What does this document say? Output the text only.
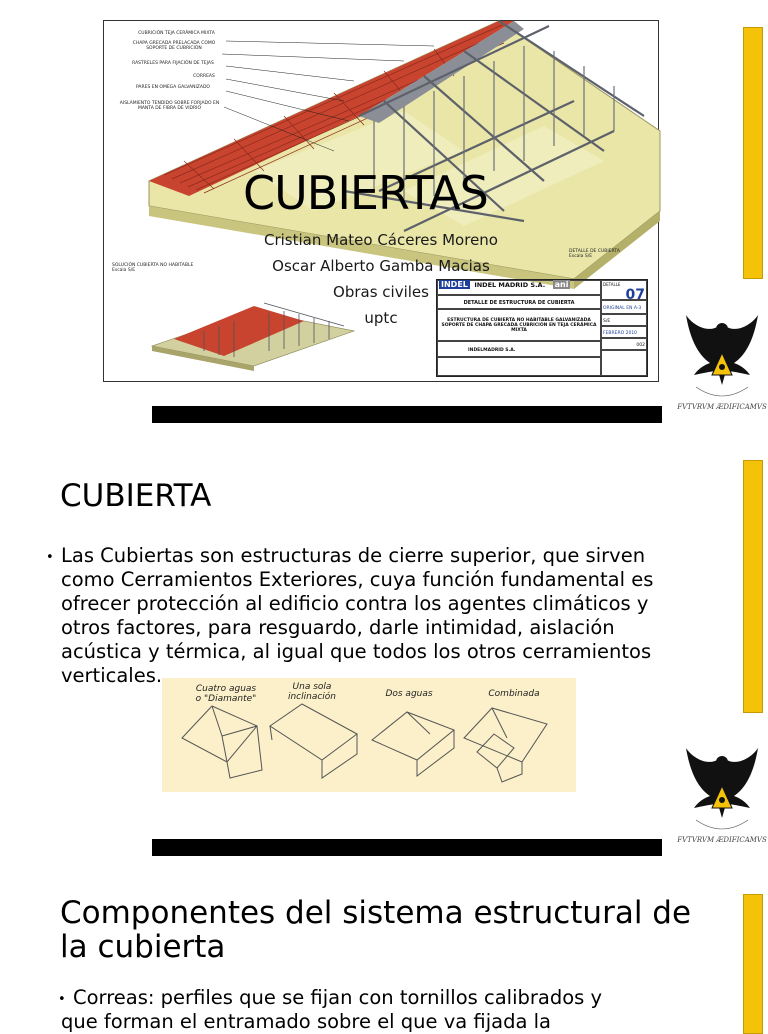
CUBRICIÓN TEJA CERÁMICA MIXTA
CHAPA GRECADA PRELACADA COMO SOPORTE DE CUBRICIÓN
RASTRELES PARA FIJACIÓN DE TEJAS
CORREAS
PARES EN OMEGA GALVANIZADO
AISLAMIENTO TENDIDO SOBRE FORJADO EN MANTA DE FIBRA DE VIDRIO
SOLUCIÓN CUBIERTA NO HABITABLE
Escala S/E
DETALLE DE CUBIERTA
Escala S/E
INDEL INDEL MADRID S.A. ani
DETALLE DE ESTRUCTURA DE CUBIERTA
ESTRUCTURA DE CUBIERTA NO HABITABLE GALVANIZADA SOPORTE DE CHAPA GRECADA CUBRICIÓN EN TEJA CERÁMICA MIXTA
INDELMADRID S.A.
DETALLE
07
ORIGINAL EN A-3
S/E
FEBRERO 2010
002
CUBIERTAS
Cristian Mateo Cáceres Moreno
Oscar Alberto Gamba Macias
Obras civiles
uptc
FVTVRVM ÆDIFICAMVS
CUBIERTA
• Las Cubiertas son estructuras de cierre superior, que sirven como Cerramientos Exteriores, cuya función fundamental es ofrecer protección al edificio contra los agentes climáticos y otros factores, para resguardo, darle intimidad, aislación acústica y térmica, al igual que todos los otros cerramientos verticales.
Cuatro aguas
o "Diamante"
Una sola
inclinación	Dos aguas	Combinada
FVTVRVM ÆDIFICAMVS
Componentes del sistema estructural de
la cubierta
• Correas: perfiles que se fijan con tornillos calibrados y
que forman el entramado sobre el que va fijada la
